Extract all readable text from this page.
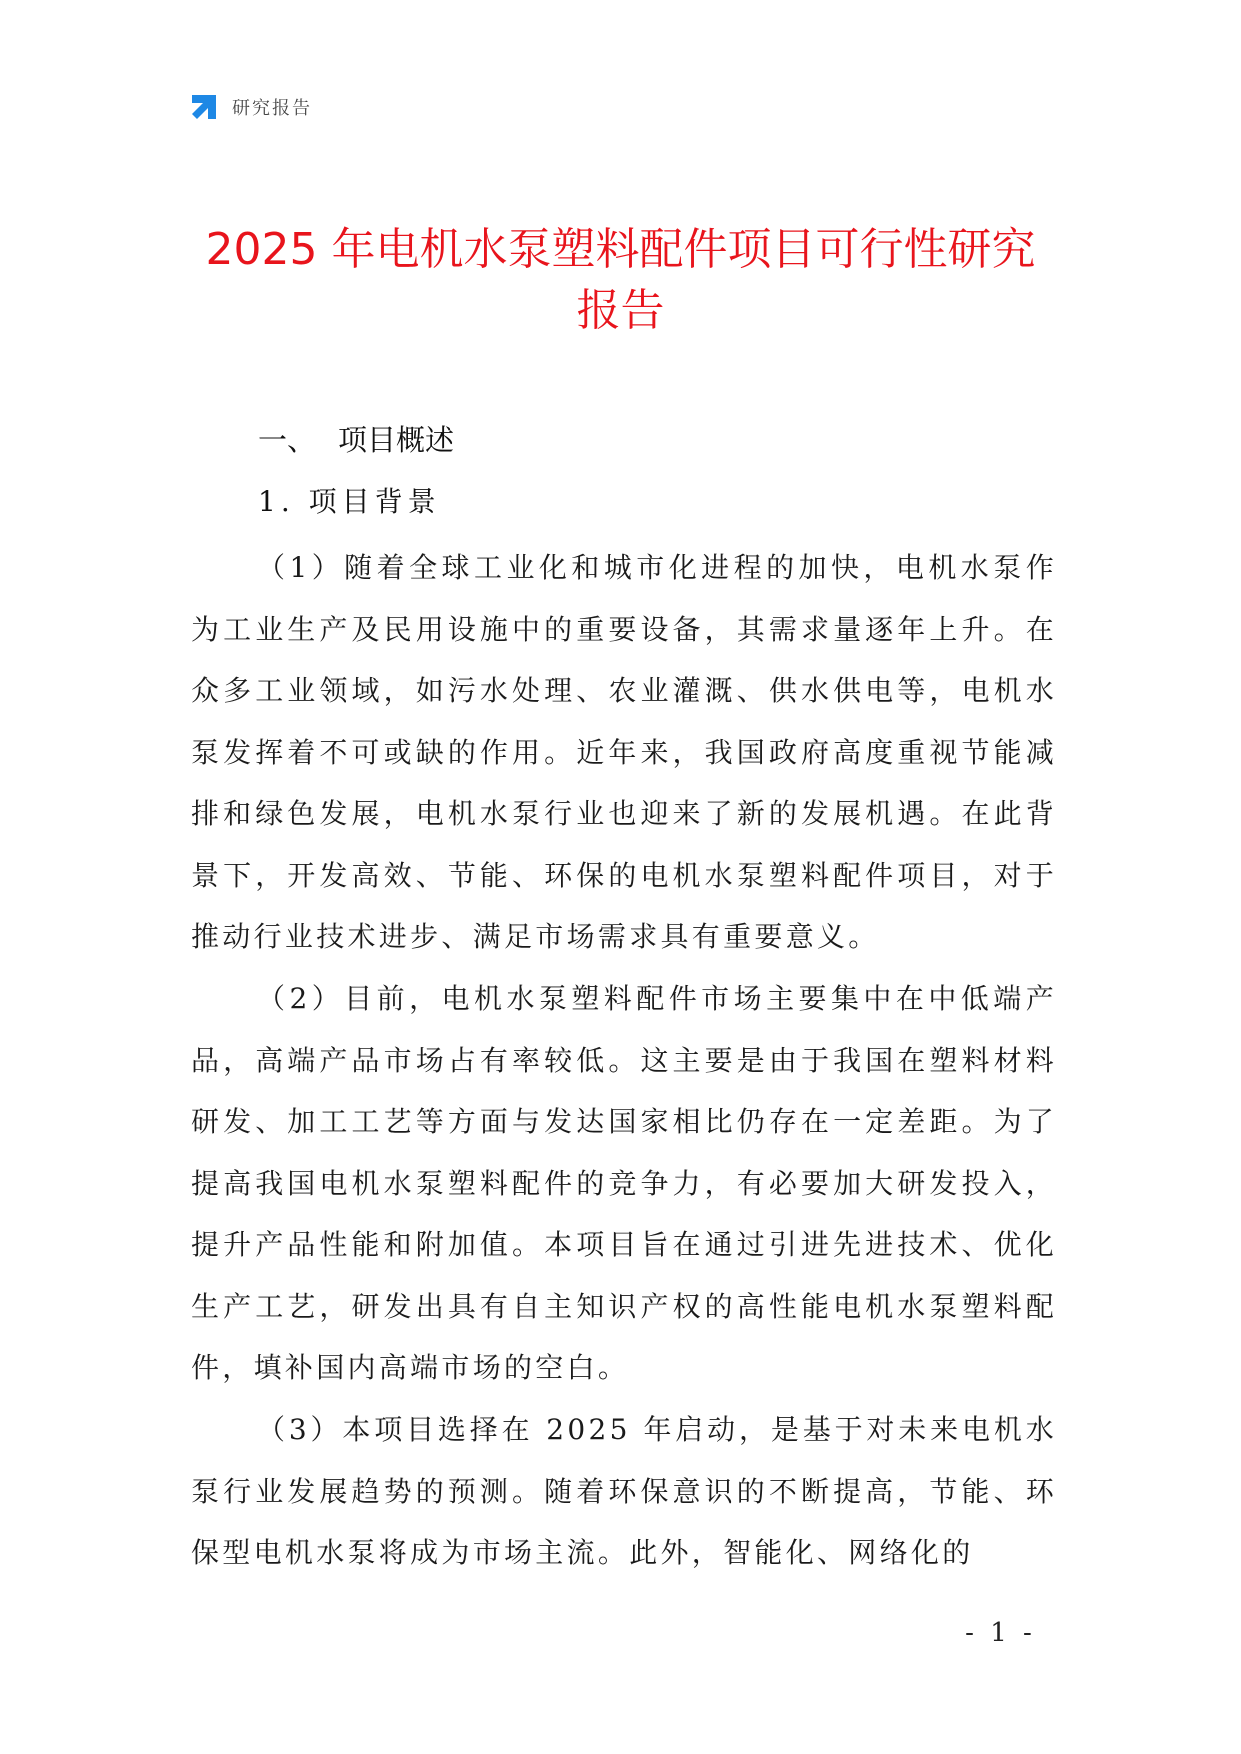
研究报告
2025 年电机水泵塑料配件项目可行性研究
报告
一、 项目概述
1. 项目背景

（1）随着全球工业化和城市化进程的加快，电机水泵作为工业生产及民用设施中的重要设备，其需求量逐年上升。在众多工业领域，如污水处理、农业灌溉、供水供电等，电机水泵发挥着不可或缺的作用。近年来，我国政府高度重视节能减排和绿色发展，电机水泵行业也迎来了新的发展机遇。在此背景下，开发高效、节能、环保的电机水泵塑料配件项目，对于推动行业技术进步、满足市场需求具有重要意义。

（2）目前，电机水泵塑料配件市场主要集中在中低端产品，高端产品市场占有率较低。这主要是由于我国在塑料材料研发、加工工艺等方面与发达国家相比仍存在一定差距。为了提高我国电机水泵塑料配件的竞争力，有必要加大研发投入，提升产品性能和附加值。本项目旨在通过引进先进技术、优化生产工艺，研发出具有自主知识产权的高性能电机水泵塑料配件，填补国内高端市场的空白。

（3）本项目选择在 2025 年启动，是基于对未来电机水泵行业发展趋势的预测。随着环保意识的不断提高，节能、环保型电机水泵将成为市场主流。此外，智能化、网络化的

- 1 -
